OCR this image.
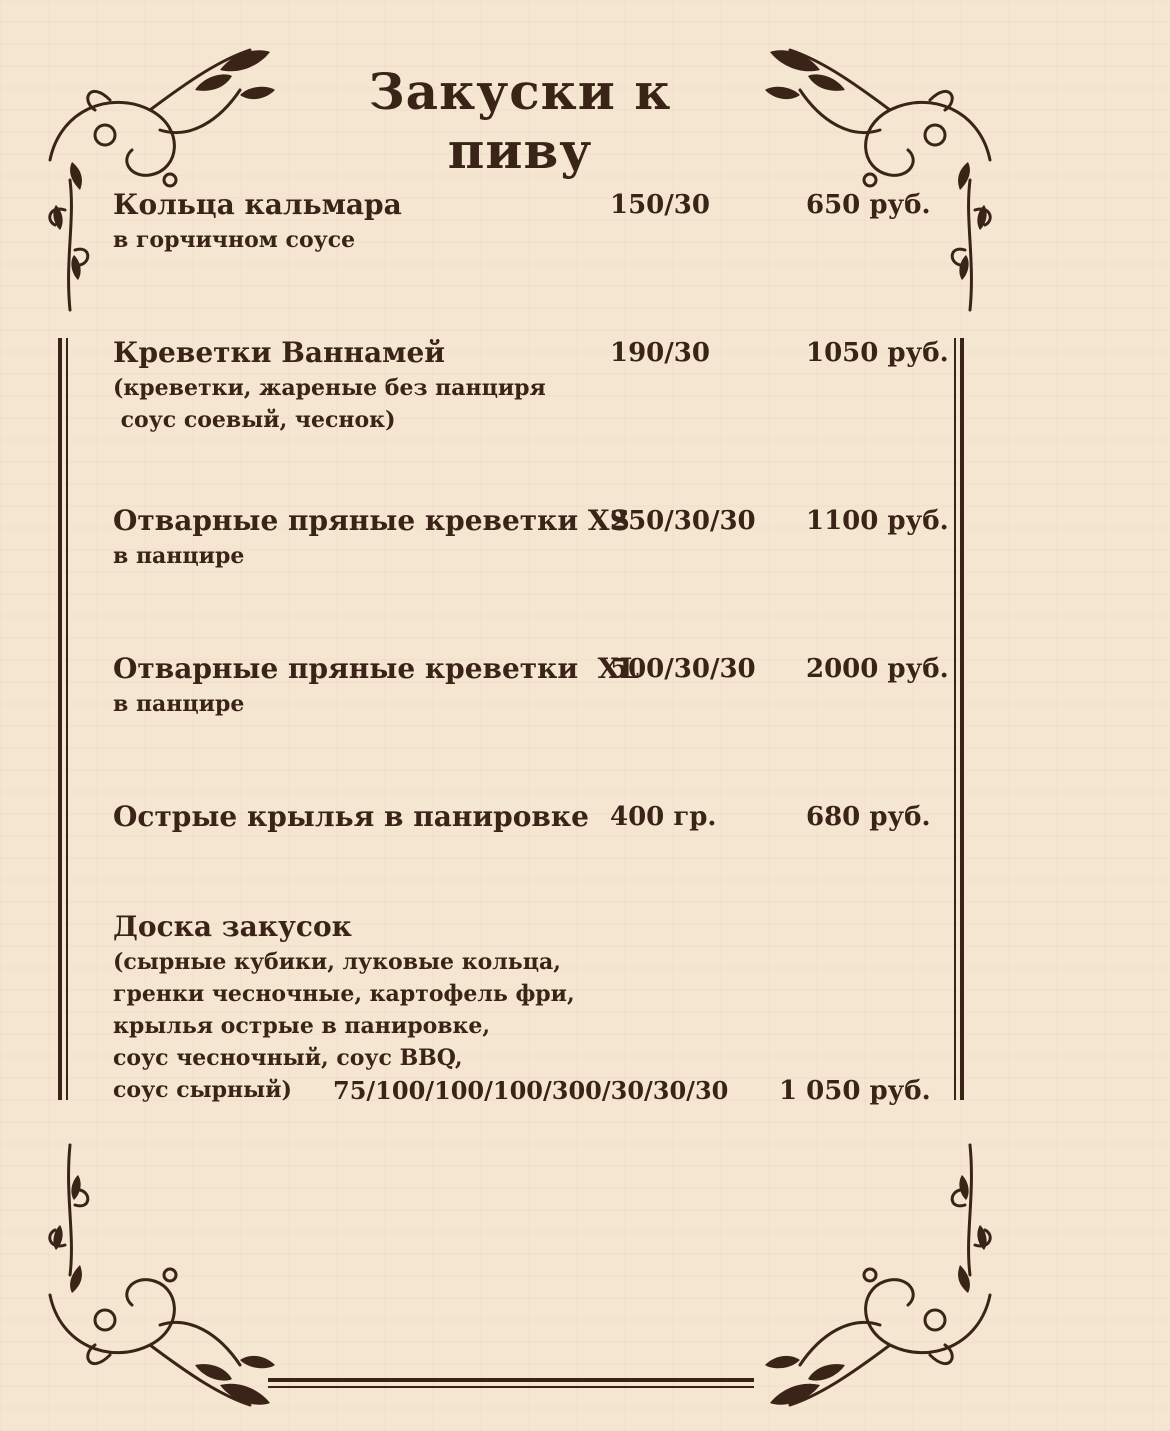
Закуски к пиву
Кольца кальмара
в горчичном соусе
150/30	650 руб.
Креветки Ваннамей
(креветки, жареные без панциря
соус соевый, чеснок)
190/30	1050 руб.
Отварные пряные креветки XS
в панцире
250/30/30 1100 руб.
Отварные пряные креветки  XL
в панцире
500/30/30 2000 руб.
Острые крылья в панировке 400 гр.	680 руб.
Доска закусок
(сырные кубики, луковые кольца,
гренки чесночные, картофель фри,
крылья острые в панировке,
соус чесночный, соус BBQ,
соус сырный)	75/100/100/100/300/30/30/30 1 050 руб.
